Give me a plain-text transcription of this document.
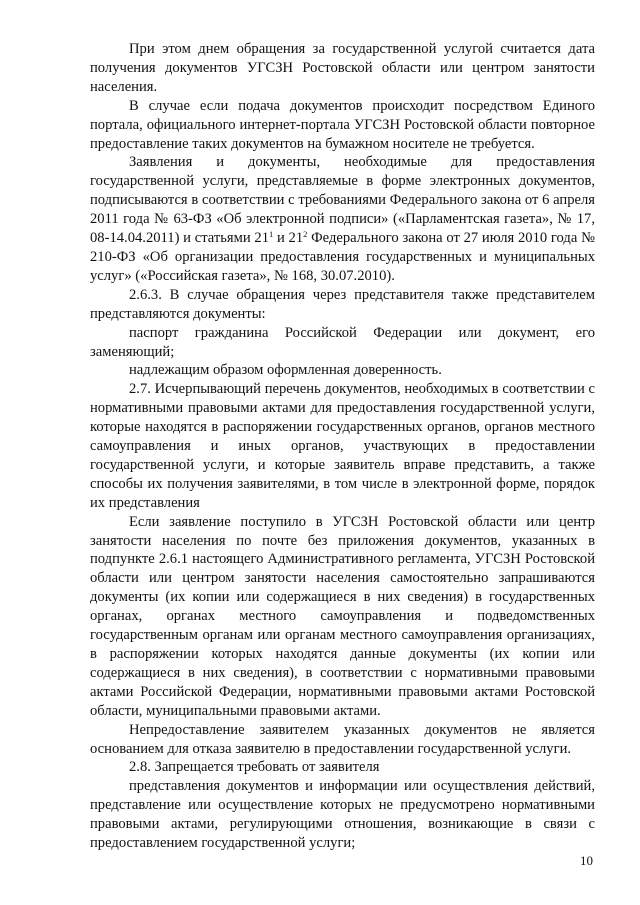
При этом днем обращения за государственной услугой считается дата получения документов УГСЗН Ростовской области или центром занятости населения.

В случае если подача документов происходит посредством Единого портала, официального интернет-портала УГСЗН Ростовской области повторное предоставление таких документов на бумажном носителе не требуется.

Заявления и документы, необходимые для предоставления государственной услуги, представляемые в форме электронных документов, подписываются в соответствии с требованиями Федерального закона от 6 апреля 2011 года № 63-ФЗ «Об электронной подписи» («Парламентская газета», № 17, 08-14.04.2011) и статьями $21^1$ и $21^2$ Федерального закона от 27 июля 2010 года № 210-ФЗ «Об организации предоставления государственных и муниципальных услуг» («Российская газета», № 168, 30.07.2010).

2.6.3. В случае обращения через представителя также представителем представляются документы:

паспорт гражданина Российской Федерации или документ, его заменяющий;

надлежащим образом оформленная доверенность.

2.7. Исчерпывающий перечень документов, необходимых в соответствии с нормативными правовыми актами для предоставления государственной услуги, которые находятся в распоряжении государственных органов, органов местного самоуправления и иных органов, участвующих в предоставлении государственной услуги, и которые заявитель вправе представить, а также способы их получения заявителями, в том числе в электронной форме, порядок их представления

Если заявление поступило в УГСЗН Ростовской области или центр занятости населения по почте без приложения документов, указанных в подпункте 2.6.1 настоящего Административного регламента, УГСЗН Ростовской области или центром занятости населения самостоятельно запрашиваются документы (их копии или содержащиеся в них сведения) в государственных органах, органах местного самоуправления и подведомственных государственным органам или органам местного самоуправления организациях, в распоряжении которых находятся данные документы (их копии или содержащиеся в них сведения), в соответствии с нормативными правовыми актами Российской Федерации, нормативными правовыми актами Ростовской области, муниципальными правовыми актами.

Непредоставление заявителем указанных документов не является основанием для отказа заявителю в предоставлении государственной услуги.

2.8. Запрещается требовать от заявителя

представления документов и информации или осуществления действий, представление или осуществление которых не предусмотрено нормативными правовыми актами, регулирующими отношения, возникающие в связи с предоставлением государственной услуги;

10
